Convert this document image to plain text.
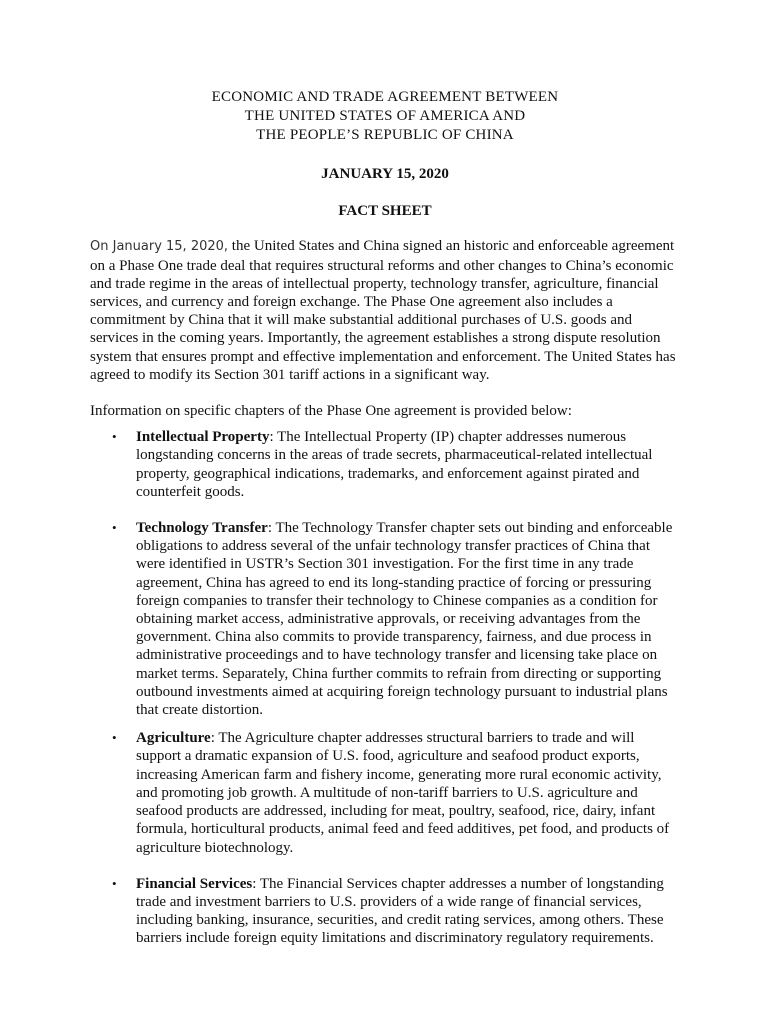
ECONOMIC AND TRADE AGREEMENT BETWEEN
THE UNITED STATES OF AMERICA AND
THE PEOPLE’S REPUBLIC OF CHINA
JANUARY 15, 2020
FACT SHEET

On January 15, 2020, the United States and China signed an historic and enforceable agreement on a Phase One trade deal that requires structural reforms and other changes to China’s economic and trade regime in the areas of intellectual property, technology transfer, agriculture, financial services, and currency and foreign exchange. The Phase One agreement also includes a commitment by China that it will make substantial additional purchases of U.S. goods and services in the coming years. Importantly, the agreement establishes a strong dispute resolution system that ensures prompt and effective implementation and enforcement. The United States has agreed to modify its Section 301 tariff actions in a significant way.

Information on specific chapters of the Phase One agreement is provided below:

• Intellectual Property: The Intellectual Property (IP) chapter addresses numerous longstanding concerns in the areas of trade secrets, pharmaceutical-related intellectual property, geographical indications, trademarks, and enforcement against pirated and counterfeit goods.
• Technology Transfer: The Technology Transfer chapter sets out binding and enforceable obligations to address several of the unfair technology transfer practices of China that were identified in USTR’s Section 301 investigation. For the first time in any trade agreement, China has agreed to end its long-standing practice of forcing or pressuring foreign companies to transfer their technology to Chinese companies as a condition for obtaining market access, administrative approvals, or receiving advantages from the government. China also commits to provide transparency, fairness, and due process in administrative proceedings and to have technology transfer and licensing take place on market terms. Separately, China further commits to refrain from directing or supporting outbound investments aimed at acquiring foreign technology pursuant to industrial plans that create distortion.
• Agriculture: The Agriculture chapter addresses structural barriers to trade and will support a dramatic expansion of U.S. food, agriculture and seafood product exports, increasing American farm and fishery income, generating more rural economic activity, and promoting job growth. A multitude of non-tariff barriers to U.S. agriculture and seafood products are addressed, including for meat, poultry, seafood, rice, dairy, infant formula, horticultural products, animal feed and feed additives, pet food, and products of agriculture biotechnology.
• Financial Services: The Financial Services chapter addresses a number of longstanding trade and investment barriers to U.S. providers of a wide range of financial services, including banking, insurance, securities, and credit rating services, among others. These barriers include foreign equity limitations and discriminatory regulatory requirements.
